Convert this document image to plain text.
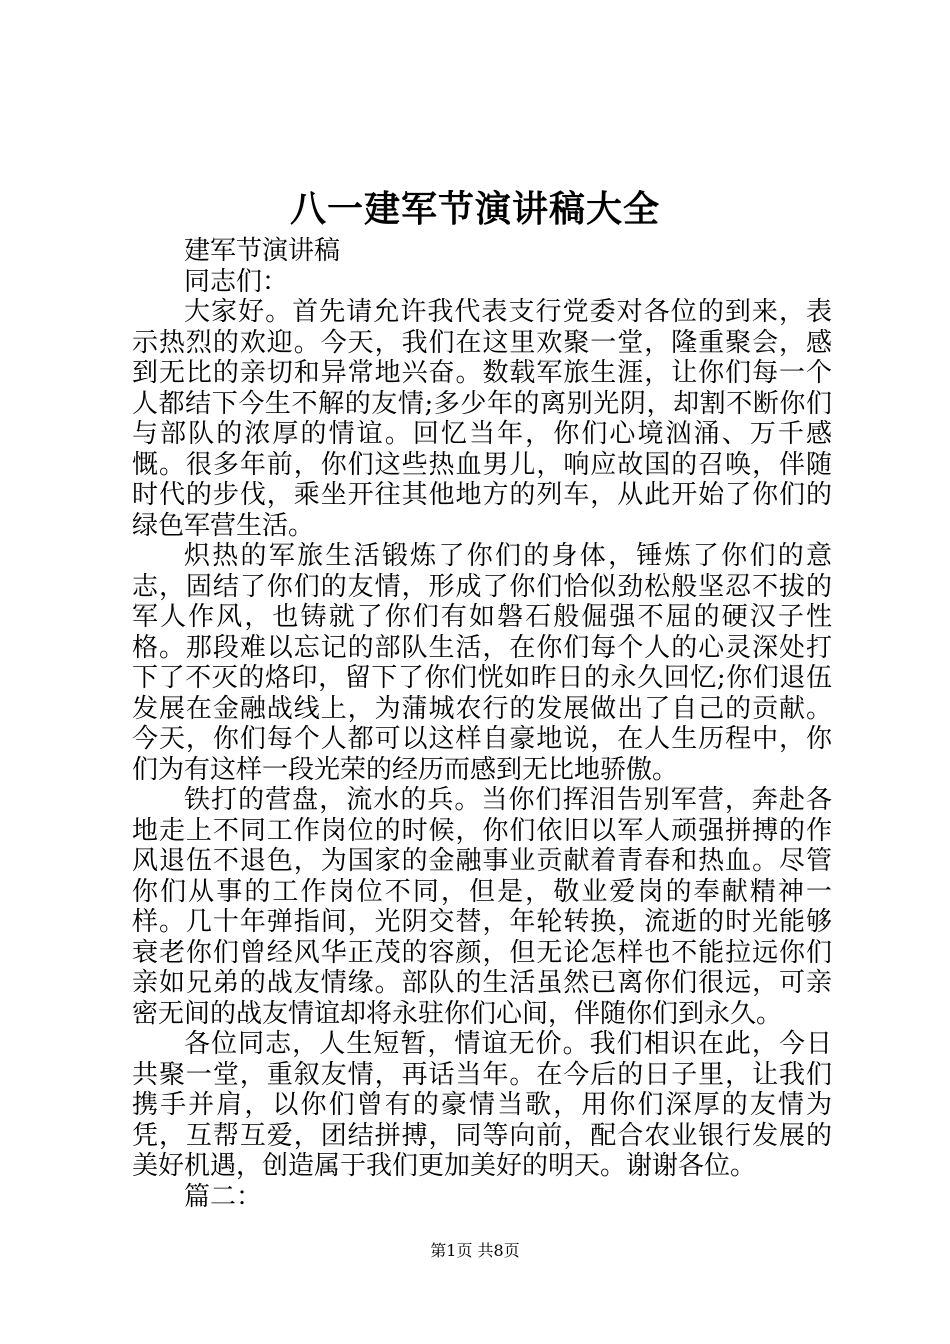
八一建军节演讲稿大全

建军节演讲稿

同志们：

大家好。首先请允许我代表支行党委对各位的到来，表示热烈的欢迎。今天，我们在这里欢聚一堂，隆重聚会，感到无比的亲切和异常地兴奋。数载军旅生涯，让你们每一个人都结下今生不解的友情;多少年的离别光阴，却割不断你们与部队的浓厚的情谊。回忆当年，你们心境汹涌、万千感慨。很多年前，你们这些热血男儿，响应故国的召唤，伴随时代的步伐，乘坐开往其他地方的列车，从此开始了你们的绿色军营生活。

炽热的军旅生活锻炼了你们的身体，锤炼了你们的意志，固结了你们的友情，形成了你们恰似劲松般坚忍不拔的军人作风，也铸就了你们有如磐石般倔强不屈的硬汉子性格。那段难以忘记的部队生活，在你们每个人的心灵深处打下了不灭的烙印，留下了你们恍如昨日的永久回忆;你们退伍发展在金融战线上，为蒲城农行的发展做出了自己的贡献。今天，你们每个人都可以这样自豪地说，在人生历程中，你们为有这样一段光荣的经历而感到无比地骄傲。

铁打的营盘，流水的兵。当你们挥泪告别军营，奔赴各地走上不同工作岗位的时候，你们依旧以军人顽强拼搏的作风退伍不退色，为国家的金融事业贡献着青春和热血。尽管你们从事的工作岗位不同，但是，敬业爱岗的奉献精神一样。几十年弹指间，光阴交替，年轮转换，流逝的时光能够衰老你们曾经风华正茂的容颜，但无论怎样也不能拉远你们亲如兄弟的战友情缘。部队的生活虽然已离你们很远，可亲密无间的战友情谊却将永驻你们心间，伴随你们到永久。

各位同志，人生短暂，情谊无价。我们相识在此，今日共聚一堂，重叙友情，再话当年。在今后的日子里，让我们携手并肩，以你们曾有的豪情当歌，用你们深厚的友情为凭，互帮互爱，团结拼搏，同等向前，配合农业银行发展的美好机遇，创造属于我们更加美好的明天。谢谢各位。

篇二：

第1页 共8页
